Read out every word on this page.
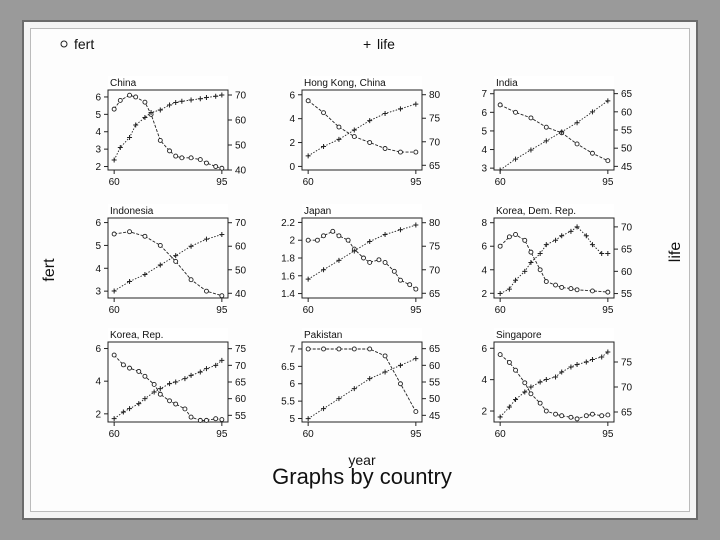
fert	+ life
fert
life
year
Graphs by country
China
2
3
4
5
6
40
50
60
70
60	95
Hong Kong, China
0
2
4
6
65
70
75
80
60	95
India
3
4
5
6
7
45
50
55
60
65
60	95
Indonesia
3
4
5
6
40
50
60
70
60	95
Japan
1.4
1.6
1.8
2
2.2
65
70
75
80
60	95
Korea, Dem. Rep.
2
4
6
8
55
60
65
70
60	95
Korea, Rep.
2
4
6
55
60
65
70
75
60	95
Pakistan
5
5.5
6
6.5
7
45
50
55
60
65
60	95
Singapore
2
4
6
65
70
75
60	95
